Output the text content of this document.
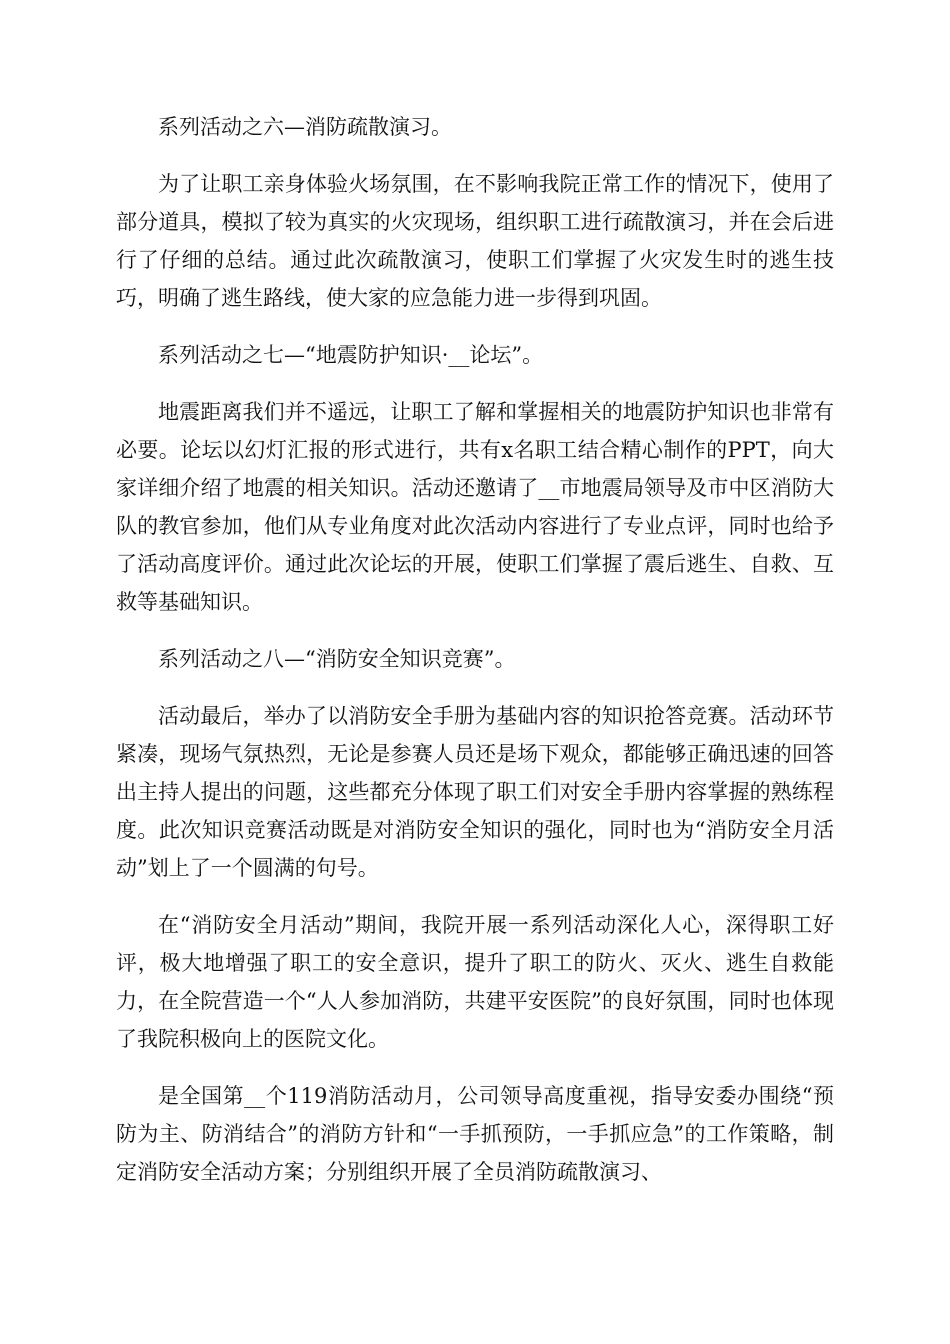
系列活动之六—消防疏散演习。

为了让职工亲身体验火场氛围，在不影响我院正常工作的情况下，使用了部分道具，模拟了较为真实的火灾现场，组织职工进行疏散演习，并在会后进行了仔细的总结。通过此次疏散演习，使职工们掌握了火灾发生时的逃生技巧，明确了逃生路线，使大家的应急能力进一步得到巩固。

系列活动之七—“地震防护知识·__论坛”。

地震距离我们并不遥远，让职工了解和掌握相关的地震防护知识也非常有必要。论坛以幻灯汇报的形式进行，共有x名职工结合精心制作的PPT，向大家详细介绍了地震的相关知识。活动还邀请了__市地震局领导及市中区消防大队的教官参加，他们从专业角度对此次活动内容进行了专业点评，同时也给予了活动高度评价。通过此次论坛的开展，使职工们掌握了震后逃生、自救、互救等基础知识。

系列活动之八—“消防安全知识竞赛”。

活动最后，举办了以消防安全手册为基础内容的知识抢答竞赛。活动环节紧凑，现场气氛热烈，无论是参赛人员还是场下观众，都能够正确迅速的回答出主持人提出的问题，这些都充分体现了职工们对安全手册内容掌握的熟练程度。此次知识竞赛活动既是对消防安全知识的强化，同时也为“消防安全月活动”划上了一个圆满的句号。

在“消防安全月活动”期间，我院开展一系列活动深化人心，深得职工好评，极大地增强了职工的安全意识，提升了职工的防火、灭火、逃生自救能力，在全院营造一个“人人参加消防，共建平安医院”的良好氛围，同时也体现了我院积极向上的医院文化。

是全国第__个119消防活动月，公司领导高度重视，指导安委办围绕“预防为主、防消结合”的消防方针和“一手抓预防，一手抓应急”的工作策略，制定消防安全活动方案；分别组织开展了全员消防疏散演习、
